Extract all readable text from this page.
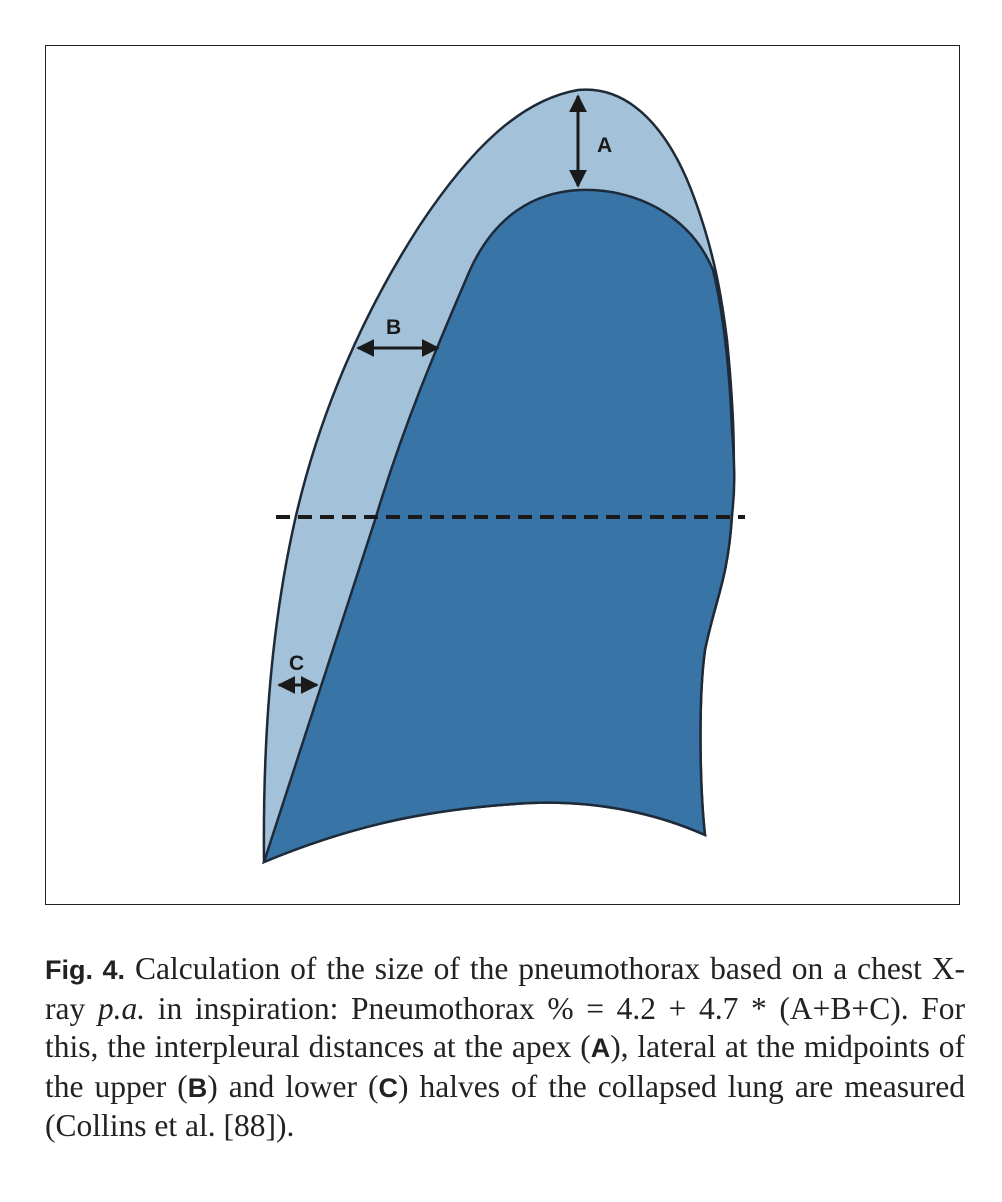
A
B
C
Fig. 4. Calculation of the size of the pneumothorax based on a chest X-ray p.a. in inspiration: Pneumothorax % = 4.2 + 4.7 * (A+B+C). For this, the interpleural distances at the apex (A), lateral at the midpoints of the upper (B) and lower (C) halves of the collapsed lung are measured (Collins et al. [88]).
